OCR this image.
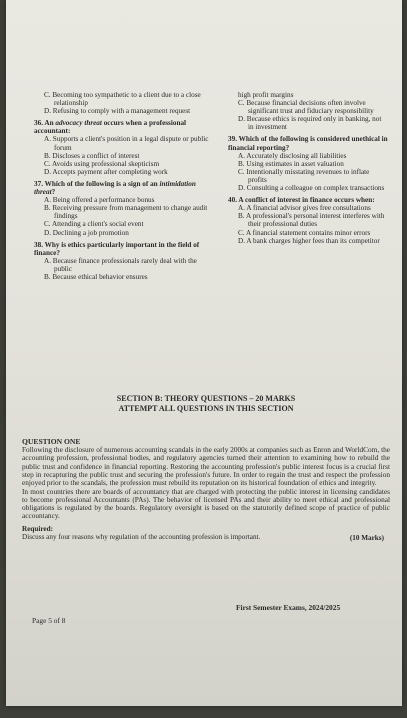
C. Becoming too sympathetic to a client due to a close relationship
D. Refusing to comply with a management request
36. An advocacy threat occurs when a professional accountant:
A. Supports a client's position in a legal dispute or public forum
B. Discloses a conflict of interest
C. Avoids using professional skepticism
D. Accepts payment after completing work
37. Which of the following is a sign of an intimidation threat?
A. Being offered a performance bonus
B. Receiving pressure from management to change audit findings
C. Attending a client's social event
D. Declining a job promotion
38. Why is ethics particularly important in the field of finance?
A. Because finance professionals rarely deal with the public
B. Because ethical behavior ensures
high profit margins
C. Because financial decisions often involve significant trust and fiduciary responsibility
D. Because ethics is required only in banking, not in investment
39. Which of the following is considered unethical in financial reporting?
A. Accurately disclosing all liabilities
B. Using estimates in asset valuation
C. Intentionally misstating revenues to inflate profits
D. Consulting a colleague on complex transactions
40. A conflict of interest in finance occurs when:
A. A financial advisor gives free consultations
B. A professional's personal interest interferes with their professional duties
C. A financial statement contains minor errors
D. A bank charges higher fees than its competitor
SECTION B: THEORY QUESTIONS – 20 MARKS
ATTEMPT ALL QUESTIONS IN THIS SECTION
QUESTION ONE
Following the disclosure of numerous accounting scandals in the early 2000s at companies such as Enron and WorldCom, the accounting profession, professional bodies, and regulatory agencies turned their attention to examining how to rebuild the public trust and confidence in financial reporting. Restoring the accounting profession's public interest focus is a crucial first step in recapturing the public trust and securing the profession's future. In order to regain the trust and respect the profession enjoyed prior to the scandals, the profession must rebuild its reputation on its historical foundation of ethics and integrity.
In most countries there are boards of accountancy that are charged with protecting the public interest in licensing candidates to become professional Accountants (PAs). The behavior of licensed PAs and their ability to meet ethical and professional obligations is regulated by the boards. Regulatory oversight is based on the statutorily defined scope of practice of public accountancy.
Required:
Discuss any four reasons why regulation of the accounting profession is important.	(10 Marks)
First Semester Exams, 2024/2025
Page 5 of 8
